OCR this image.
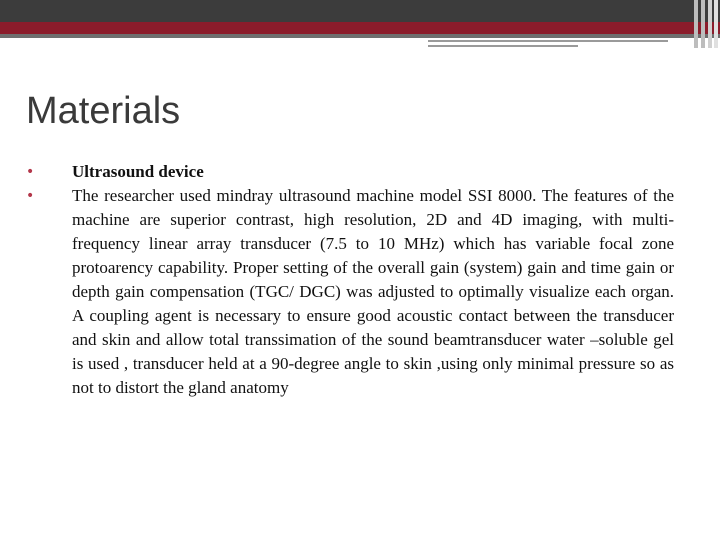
Materials
• Ultrasound device
• The researcher used mindray ultrasound machine model SSI 8000. The features of the machine are superior contrast, high resolution, 2D and 4D imaging, with multi-frequency linear array transducer (7.5 to 10 MHz) which has variable focal zone protoarency capability. Proper setting of the overall gain (system) gain and time gain or depth gain compensation (TGC/ DGC) was adjusted to optimally visualize each organ. A coupling agent is necessary to ensure good acoustic contact between the transducer and skin and allow total transsimation of the sound beamtransducer water –soluble gel is used , transducer held at a 90-degree angle to skin ,using only minimal pressure so as not to distort the gland anatomy
